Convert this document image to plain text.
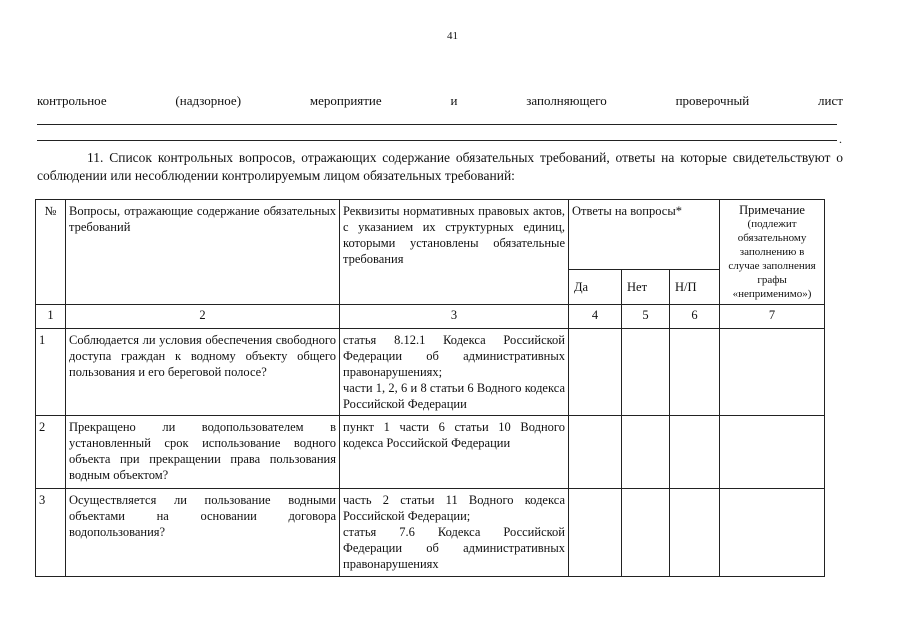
41
контрольное	(надзорное)	мероприятие	и	заполняющего	проверочный	лист
.
11. Список контрольных вопросов, отражающих содержание обязательных требований, ответы на которые свидетельствуют о соблюдении или несоблюдении контролируемым лицом обязательных требований:
№	Вопросы, отражающие содержание обязательных требований	Реквизиты нормативных правовых актов, с указанием их структурных единиц, которыми установлены обязательные требования	Ответы на вопросы*			Примечание
(подлежит обязательному заполнению в случае заполнения графы «неприменимо»)
			Да	Нет	Н/П	
1	2	3	4	5	6	7
1	Соблюдается ли условия обеспечения свободного доступа граждан к водному объекту общего пользования и его береговой полосе?	статья 8.12.1 Кодекса Российской Федерации об административных правонарушениях;
части 1, 2, 6 и 8 статьи 6 Водного кодекса Российской Федерации				

2	Прекращено ли водопользователем в установленный срок использование водного объекта при прекращении права пользования водным объектом?	пункт 1 части 6 статьи 10 Водного кодекса Российской Федерации				

3	Осуществляется ли пользование водными объектами на основании договора водопользования?	часть 2 статьи 11 Водного кодекса Российской Федерации;
статья 7.6 Кодекса Российской Федерации об административных правонарушениях				
